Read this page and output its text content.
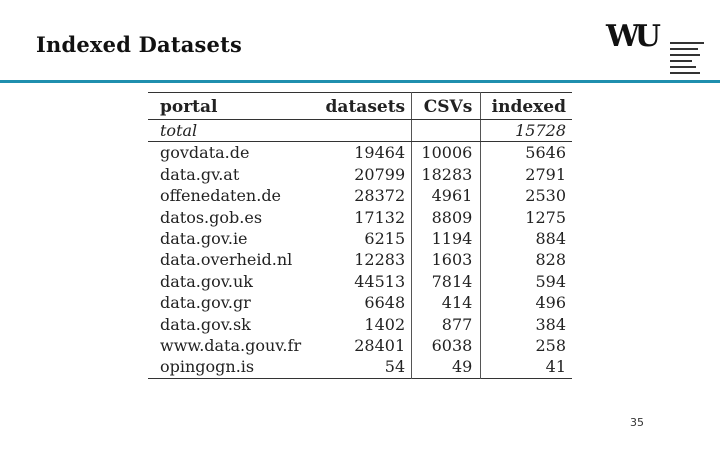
Indexed Datasets	WU
portal	datasets	CSVs	indexed
total			15728
govdata.de	19464	10006	5646
data.gv.at	20799	18283	2791
offenedaten.de	28372	4961	2530
datos.gob.es	17132	8809	1275
data.gov.ie	6215	1194	884
data.overheid.nl	12283	1603	828
data.gov.uk	44513	7814	594
data.gov.gr	6648	414	496
data.gov.sk	1402	877	384
www.data.gouv.fr	28401	6038	258
opingogn.is	54	49	41
35
